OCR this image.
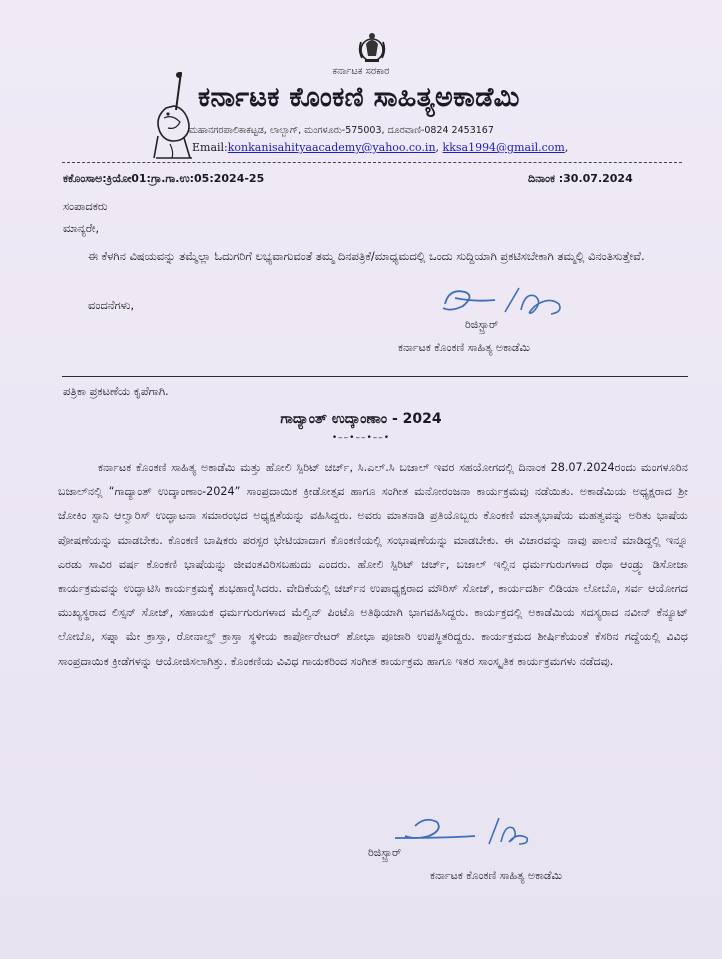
ಕರ್ನಾಟಕ ಸರಕಾರ
ಕರ್ನಾಟಕ ಕೊಂಕಣಿ ಸಾಹಿತ್ಯಅಕಾಡೆಮಿ
ಮಹಾನಗರಪಾಲಿಕಾಕಟ್ಟಡ, ಲಾಲ್ಬಾಗ್, ಮಂಗಳೂರು-575003, ದೂರವಾಣಿ-0824 2453167
Email:konkanisahityaacademy@yahoo.co.in, kksa1994@gmail.com,
ಕಕೊಂಸಾಅ:ಕ್ರಿಯೋ01:ಗ್ರಾ.ಗಾ.ಉ:05:2024-25	ದಿನಾಂಕ :30.07.2024
ಸಂಪಾದಕರು
ಮಾನ್ಯರೇ,
ಈ ಕೆಳಗಿನ ವಿಷಯವನ್ನು ತಮ್ಮೆಲ್ಲಾ ಓದುಗರಿಗೆ ಲಭ್ಯವಾಗುವಂತೆ ತಮ್ಮ ದಿನಪತ್ರಿಕೆ/ಮಾಧ್ಯಮದಲ್ಲಿ ಒಂದು ಸುದ್ದಿಯಾಗಿ ಪ್ರಕಟಿಸಬೇಕಾಗಿ ತಮ್ಮಲ್ಲಿ ವಿನಂತಿಸುತ್ತೇವೆ.
ವಂದನೆಗಳು,
ರಿಜಿಸ್ಟ್ರಾರ್
ಕರ್ನಾಟಕ ಕೊಂಕಣಿ ಸಾಹಿತ್ಯ ಅಕಾಡೆಮಿ
ಪತ್ರಿಕಾ ಪ್ರಕಟಣೆಯ ಕೃಪೆಗಾಗಿ.
ಗಾದ್ಯಾಂತ್ ಉದ್ಕಾಂಣಾಂ - 2024
•––•––•––•
ಕರ್ನಾಟಕ ಕೊಂಕಣಿ ಸಾಹಿತ್ಯ ಅಕಾಡೆಮಿ ಮತ್ತು ಹೋಲಿ ಸ್ಪಿರಿಟ್ ಚರ್ಚ್, ಸಿ.ಎಲ್.ಸಿ ಬಜಾಲ್ ಇವರ ಸಹಯೋಗದಲ್ಲಿ ದಿನಾಂಕ 28.07.2024ರಂದು ಮಂಗಳೂರಿನ ಬಜಾಲ್‌ನಲ್ಲಿ “ಗಾದ್ಯಾಂತ್ ಉದ್ಕಾಂಣಾಂ-2024” ಸಾಂಪ್ರದಾಯಿಕ ಕ್ರೀಡೋತ್ಸವ ಹಾಗೂ ಸಂಗೀತ ಮನೋರಂಜನಾ ಕಾರ್ಯಕ್ರಮವು ನಡೆಯಿತು. ಅಕಾಡೆಮಿಯ ಅಧ್ಯಕ್ಷರಾದ ಶ್ರೀ ಜೋಕಿಂ ಸ್ಟಾನಿ ಆಲ್ವಾರಿಸ್ ಉದ್ಘಾಟನಾ ಸಮಾರಂಭದ ಅಧ್ಯಕ್ಷತೆಯನ್ನು ವಹಿಸಿದ್ದರು. ಅವರು ಮಾತನಾಡಿ ಪ್ರತಿಯೊಬ್ಬರು ಕೊಂಕಣಿ ಮಾತೃಭಾಷೆಯ ಮಹತ್ವವನ್ನು ಅರಿತು ಭಾಷೆಯ ಪೋಷಣೆಯನ್ನು ಮಾಡಬೇಕು. ಕೊಂಕಣಿ ಬಾಷಿಕರು ಪರಸ್ಪರ ಭೇಟಿಯಾದಾಗ ಕೊಂಕಣಿಯಲ್ಲಿ ಸಂಭಾಷಣೆಯನ್ನು ಮಾಡಬೇಕು. ಈ ವಿಚಾರವನ್ನು ನಾವು ಪಾಲನೆ ಮಾಡಿದ್ದಲ್ಲಿ ಇನ್ನೂ ಎರಡು ಸಾವಿರ ವರ್ಷ ಕೊಂಕಣಿ ಭಾಷೆಯನ್ನು ಜೀವಂತವಿರಿಸಬಹುದು ಎಂದರು. ಹೋಲಿ ಸ್ಪಿರಿಟ್ ಚರ್ಚ್, ಬಜಾಲ್ ಇಲ್ಲಿನ ಧರ್ಮಗುರುಗಳಾದ ರೆಥಾ ಆಂಡ್ರ್ಯು ಡಿಸೋಜಾ ಕಾರ್ಯಕ್ರಮವನ್ನು ಉದ್ಘಾಟಿಸಿ ಕಾರ್ಯಕ್ರಮಕ್ಕೆ ಶುಭಹಾರೈಸಿದರು. ವೇದಿಕೆಯಲ್ಲಿ ಚರ್ಚ್‌ನ ಉಪಾಧ್ಯಕ್ಷರಾದ ಮೌರಿಸ್ ಸೋಜ್, ಕಾರ್ಯದರ್ಶಿ ಲಿಡಿಯಾ ಲೋಬೊ, ಸರ್ವ ಆಯೋಗದ ಮುಖ್ಯಸ್ಥರಾದ ಲಿಸ್ಸನ್ ಸೋಜ್, ಸಹಾಯಕ ಧರ್ಮಗುರುಗಳಾದ ಮೆಲ್ವಿನ್ ಪಿಂಟೊ ಅತಿಥಿಯಾಗಿ ಭಾಗವಹಿಸಿದ್ದರು. ಕಾರ್ಯಕ್ರದಲ್ಲಿ ಅಕಾಡೆಮಿಯ ಸದಸ್ಯರಾದ ನವೀನ್ ಕೆನ್ಯೂಟ್ ಲೋಬೊ, ಸಪ್ನಾ ಮೇ ಕ್ರಾಸ್ತಾ, ರೋನಾಲ್ಡ್ ಕ್ರಾಸ್ತಾ ಸ್ಥಳೀಯ ಕಾರ್ಪೋರೇಟರ್ ಶೋಭಾ ಪೂಜಾರಿ ಉಪಸ್ಥಿತರಿದ್ದರು. ಕಾರ್ಯಕ್ರಮದ ಶೀರ್ಷಿಕೆಯಂತೆ ಕೆಸರಿನ ಗದ್ದೆಯಲ್ಲಿ ವಿವಿಧ ಸಾಂಪ್ರದಾಯಿಕ ಕ್ರೀಡೆಗಳನ್ನು ಆಯೋಜಿಸಲಾಗಿತ್ತು. ಕೊಂಕಣಿಯ ವಿವಿಧ ಗಾಯಕರಿಂದ ಸಂಗೀತ ಕಾರ್ಯಕ್ರಮ ಹಾಗೂ ಇತರ ಸಾಂಸ್ಕೃತಿಕ ಕಾರ್ಯಕ್ರಮಗಳು ನಡೆದವು.
ರಿಜಿಸ್ಟ್ರಾರ್
ಕರ್ನಾಟಕ ಕೊಂಕಣಿ ಸಾಹಿತ್ಯ ಅಕಾಡೆಮಿ
